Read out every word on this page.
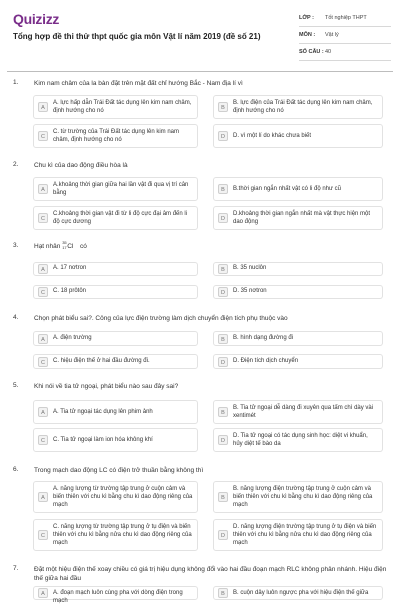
Quizizz
Tổng hợp đề thi thử thpt quốc gia môn Vật lí năm 2019 (đề số 21)
LỚP :	Tốt nghiệp THPT
MÔN :	Vật lý
SỐ CÂU : 40
1. Kim nam châm của la bàn đặt trên mặt đất chỉ hướng Bắc - Nam địa lí vì
A
A. lực hấp dẫn Trái Đất tác dụng lên kim nam châm, định hướng cho nó	B
B. lực điện của Trái Đất tác dụng lên kim nam châm, định hướng cho nó
C
C. từ trường của Trái Đất tác dụng lên kim nam châm, định hướng cho nó	D	D. vì một lí do khác chưa biết
2. Chu kì của dao động điều hòa là
A
A.khoảng thời gian giữa hai lần vật đi qua vị trí cân bằng	B	B.thời gian ngắn nhất vật có li độ như cũ
C
C.khoảng thời gian vật đi từ li độ cực đại âm đến li độ cực dương	D
D.khoảng thời gian ngắn nhất mà vật thực hiện một dao động
3. Hạt nhân
35
17 Cl có
A	A. 17 nơtron	B	B. 35 nuclôn
C	C. 18 prôtôn	D	D. 35 nơtron
4. Chọn phát biểu sai?. Công của lực điện trường làm dịch chuyển điện tích phụ thuộc vào
A	A. điện trường	B	B. hình dạng đường đi
C	C. hiệu điện thế ở hai đầu đường đi.	D	D. Điện tích dịch chuyển
5. Khi nói về tia tử ngoại, phát biểu nào sau đây sai?
A	A. Tia tử ngoại tác dụng lên phim ảnh	B
B. Tia tử ngoại dễ dàng đi xuyên qua tấm chì dày vài xentimét
C	C. Tia tử ngoại làm ion hóa không khí	D
D. Tia tử ngoại có tác dụng sinh học: diệt vi khuẩn, hủy diệt tế bào da
6. Trong mạch dao động LC có điện trở thuần bằng không thì
A
A. năng lượng từ trường tập trung ở cuộn cảm và biến thiên với chu kì bằng chu kì dao động riêng của mạch
B
B. năng lượng điện trường tập trung ở cuộn cảm và biến thiên với chu kì bằng chu kì dao động riêng của mạch
C
C. năng lượng từ trường tập trung ở tụ điện và biến thiên với chu kì bằng nửa chu kì dao động riêng của mạch
D
D. năng lượng điện trường tập trung ở tụ điện và biến thiên với chu kì bằng nửa chu kì dao động riêng của mạch
7. Đặt một hiệu điện thế xoay chiều có giá trị hiệu dụng không đổi vào hai đầu đoạn mạch RLC không phân nhánh. Hiệu điện thế giữa hai đầu
A	A. đoạn mạch luôn cùng pha với dòng điện trong mạch
B	B. cuộn dây luôn ngược pha với hiệu điện thế giữa
